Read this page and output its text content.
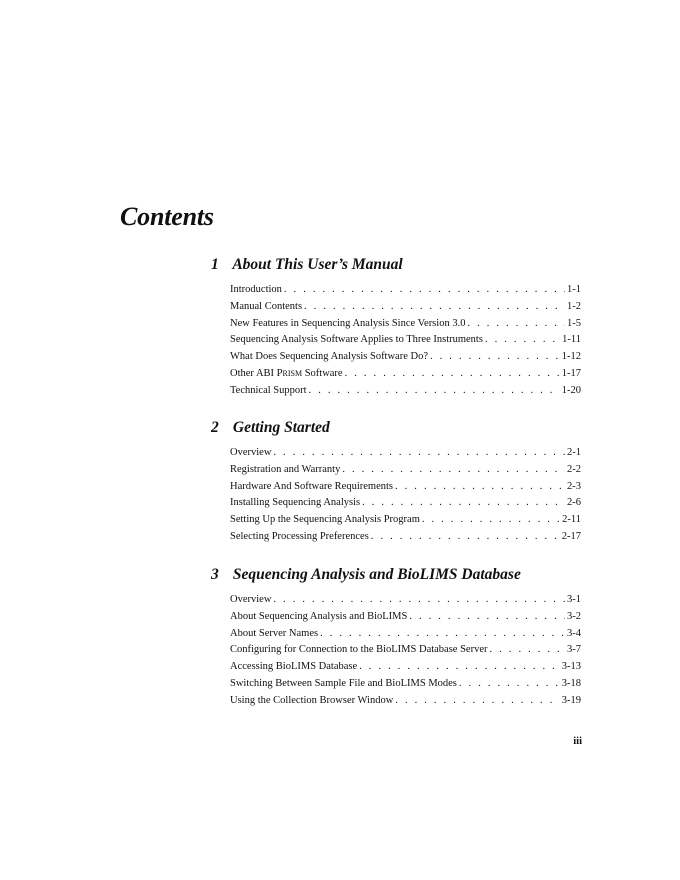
Contents
1 About This User’s Manual
Introduction . . .	1-1
Manual Contents . . .	1-2
New Features in Sequencing Analysis Since Version 3.0 . . .	1-5
Sequencing Analysis Software Applies to Three Instruments . . .	1-11
What Does Sequencing Analysis Software Do? . . .	1-12
Other ABI PRISM Software . . .	1-17
Technical Support . . .	1-20
2 Getting Started
Overview . . .	2-1
Registration and Warranty . . .	2-2
Hardware And Software Requirements . . .	2-3
Installing Sequencing Analysis . . .	2-6
Setting Up the Sequencing Analysis Program . . .	2-11
Selecting Processing Preferences . . .	2-17
3 Sequencing Analysis and BioLIMS Database
Overview . . .	3-1
About Sequencing Analysis and BioLIMS . . .	3-2
About Server Names . . .	3-4
Configuring for Connection to the BioLIMS Database Server . . .	3-7
Accessing BioLIMS Database . . .	3-13
Switching Between Sample File and BioLIMS Modes . . .	3-18
Using the Collection Browser Window . . .	3-19
iii
